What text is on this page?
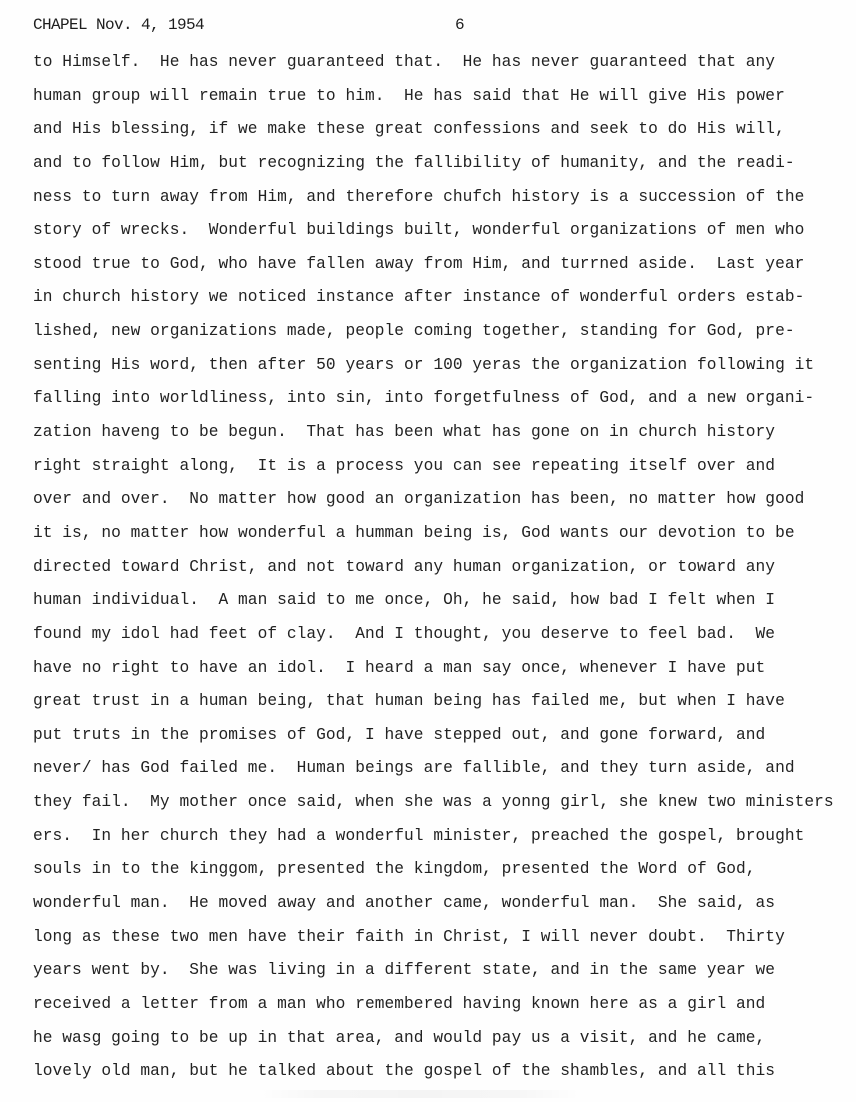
CHAPEL Nov. 4, 1954	6
to Himself.  He has never guaranteed that.  He has never guaranteed that any
human group will remain true to him.  He has said that He will give His power
and His blessing, if we make these great confessions and seek to do His will,
and to follow Him, but recognizing the fallibility of humanity, and the readi-
ness to turn away from Him, and therefore chufch history is a succession of the
story of wrecks.  Wonderful buildings built, wonderful organizations of men who
stood true to God, who have fallen away from Him, and turrned aside.  Last year
in church history we noticed instance after instance of wonderful orders estab-
lished, new organizations made, people coming together, standing for God, pre-
senting His word, then after 50 years or 100 yeras the organization following it
falling into worldliness, into sin, into forgetfulness of God, and a new organi-
zation haveng to be begun.  That has been what has gone on in church history
right straight along,  It is a process you can see repeating itself over and
over and over.  No matter how good an organization has been, no matter how good
it is, no matter how wonderful a humman being is, God wants our devotion to be
directed toward Christ, and not toward any human organization, or toward any
human individual.  A man said to me once, Oh, he said, how bad I felt when I
found my idol had feet of clay.  And I thought, you deserve to feel bad.  We
have no right to have an idol.  I heard a man say once, whenever I have put
great trust in a human being, that human being has failed me, but when I have
put truts in the promises of God, I have stepped out, and gone forward, and
never/ has God failed me.  Human beings are fallible, and they turn aside, and
they fail.  My mother once said, when she was a yonng girl, she knew two ministers
ers.  In her church they had a wonderful minister, preached the gospel, brought
souls in to the kinggom, presented the kingdom, presented the Word of God,
wonderful man.  He moved away and another came, wonderful man.  She said, as
long as these two men have their faith in Christ, I will never doubt.  Thirty
years went by.  She was living in a different state, and in the same year we
received a letter from a man who remembered having known here as a girl and
he wasg going to be up in that area, and would pay us a visit, and he came,
lovely old man, but he talked about the gospel of the shambles, and all this
